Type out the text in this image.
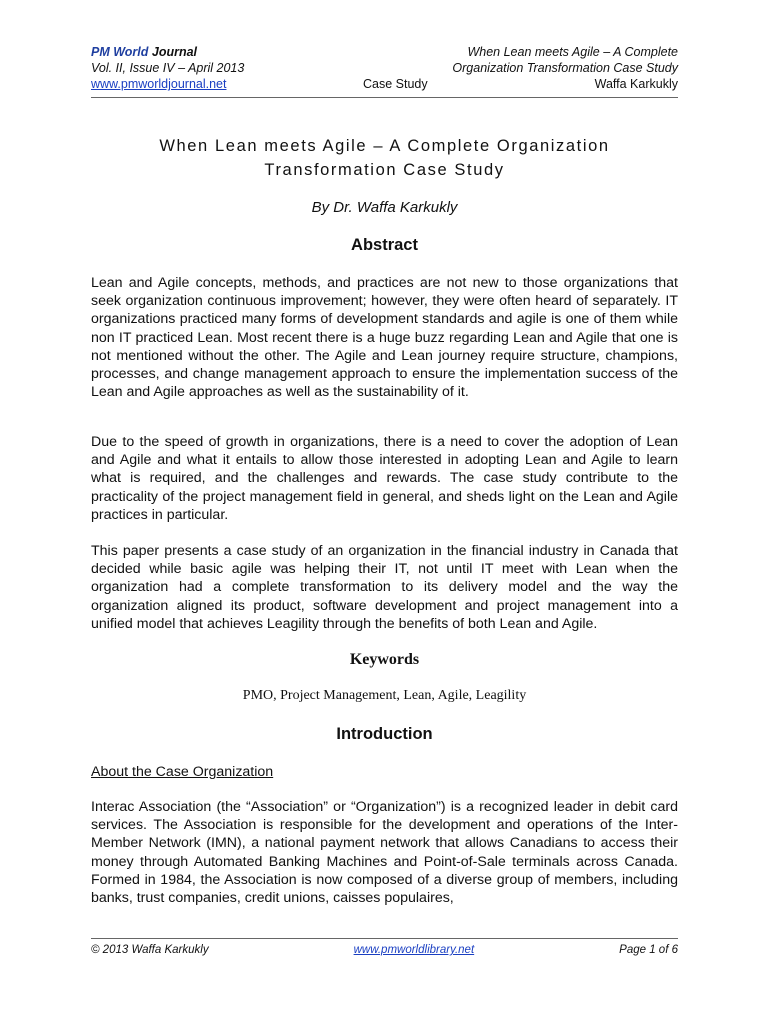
PM World Journal	When Lean meets Agile – A Complete
Vol. II, Issue IV – April 2013	Organization Transformation Case Study
www.pmworldjournal.net	Case Study	Waffa Karkukly
When Lean meets Agile – A Complete Organization
Transformation Case Study
By Dr. Waffa Karkukly
Abstract
Lean and Agile concepts, methods, and practices are not new to those organizations that seek organization continuous improvement; however, they were often heard of separately. IT organizations practiced many forms of development standards and agile is one of them while non IT practiced Lean. Most recent there is a huge buzz regarding Lean and Agile that one is not mentioned without the other. The Agile and Lean journey require structure, champions, processes, and change management approach to ensure the implementation success of the Lean and Agile approaches as well as the sustainability of it.
Due to the speed of growth in organizations, there is a need to cover the adoption of Lean and Agile and what it entails to allow those interested in adopting Lean and Agile to learn what is required, and the challenges and rewards. The case study contribute to the practicality of the project management field in general, and sheds light on the Lean and Agile practices in particular.
This paper presents a case study of an organization in the financial industry in Canada that decided while basic agile was helping their IT, not until IT meet with Lean when the organization had a complete transformation to its delivery model and the way the organization aligned its product, software development and project management into a unified model that achieves Leagility through the benefits of both Lean and Agile.
Keywords
PMO, Project Management, Lean, Agile, Leagility
Introduction
About the Case Organization
Interac Association (the “Association” or “Organization”) is a recognized leader in debit card services. The Association is responsible for the development and operations of the Inter-Member Network (IMN), a national payment network that allows Canadians to access their money through Automated Banking Machines and Point-of-Sale terminals across Canada. Formed in 1984, the Association is now composed of a diverse group of members, including banks, trust companies, credit unions, caisses populaires,
© 2013 Waffa Karkukly	www.pmworldlibrary.net	Page 1 of 6
